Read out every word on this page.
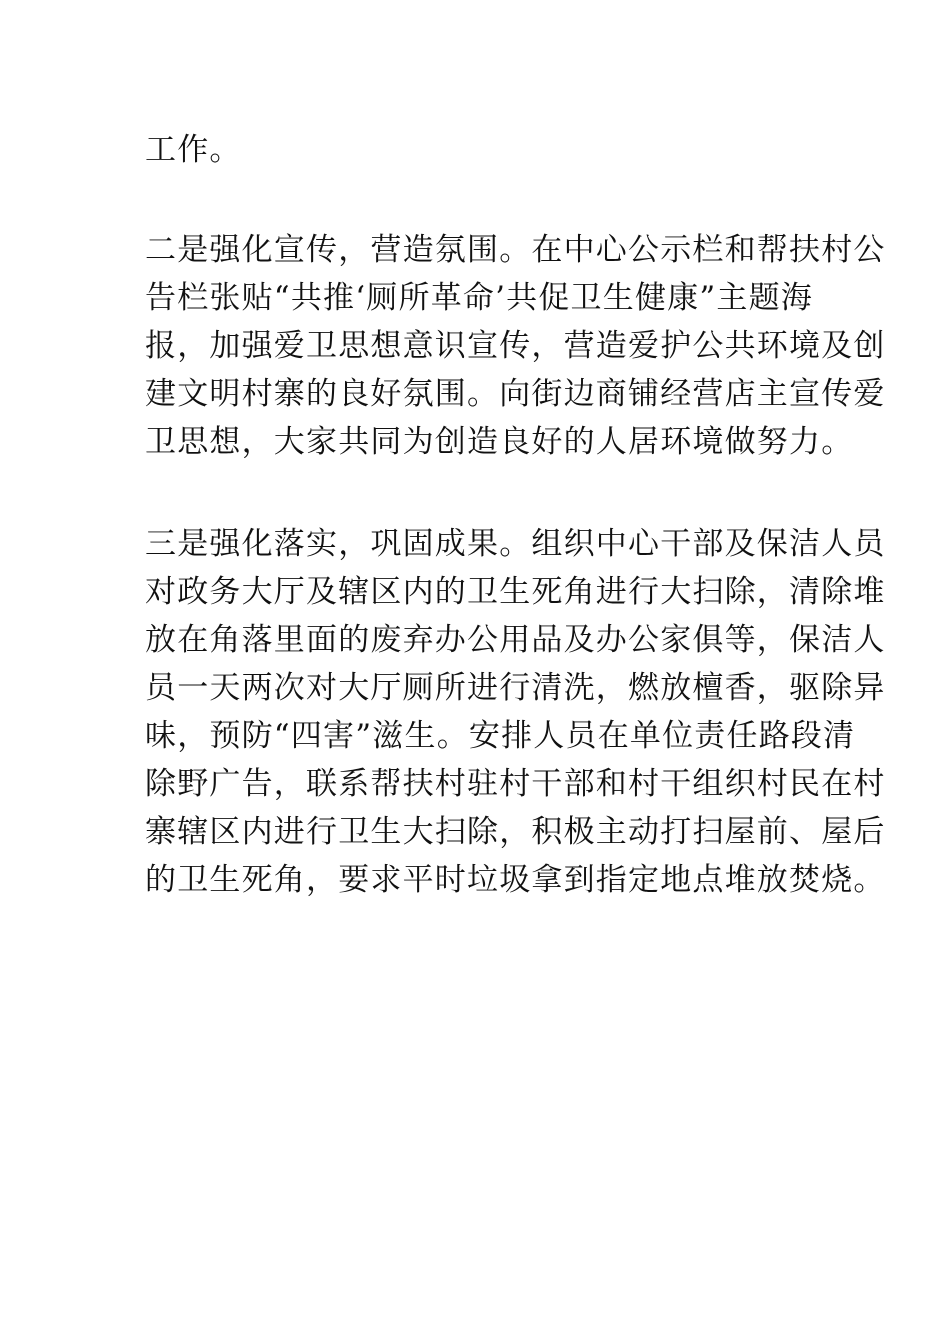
工作。
二是强化宣传，营造氛围。在中心公示栏和帮扶村公
告栏张贴“共推‘厕所革命’共促卫生健康”主题海
报，加强爱卫思想意识宣传，营造爱护公共环境及创
建文明村寨的良好氛围。向街边商铺经营店主宣传爱
卫思想，大家共同为创造良好的人居环境做努力。
三是强化落实，巩固成果。组织中心干部及保洁人员
对政务大厅及辖区内的卫生死角进行大扫除，清除堆
放在角落里面的废弃办公用品及办公家俱等，保洁人
员一天两次对大厅厕所进行清洗，燃放檀香，驱除异
味，预防“四害”滋生。安排人员在单位责任路段清
除野广告，联系帮扶村驻村干部和村干组织村民在村
寨辖区内进行卫生大扫除，积极主动打扫屋前、屋后
的卫生死角，要求平时垃圾拿到指定地点堆放焚烧。
